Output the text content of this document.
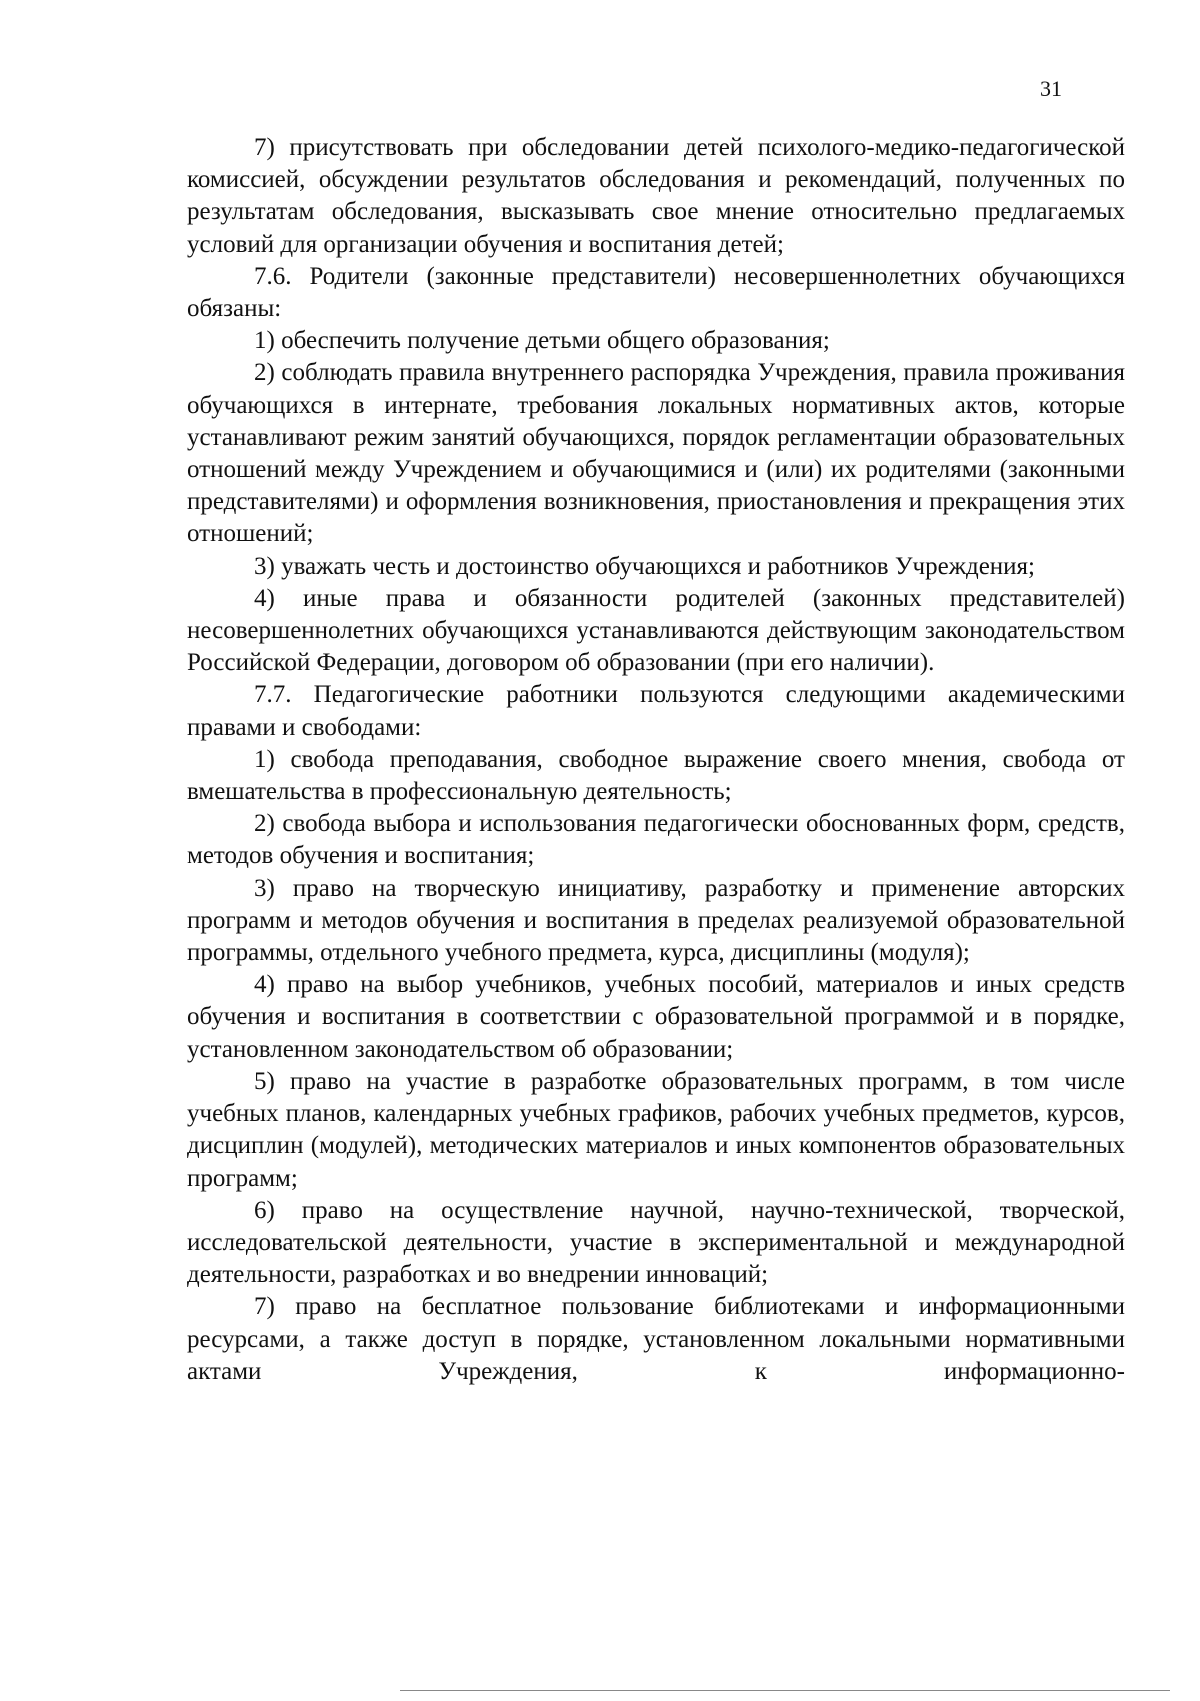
31

7) присутствовать при обследовании детей психолого-медико-педагогической комиссией, обсуждении результатов обследования и рекомендаций, полученных по результатам обследования, высказывать свое мнение относительно предлагаемых условий для организации обучения и воспитания детей;

7.6. Родители (законные представители) несовершеннолетних обучающихся обязаны:

1) обеспечить получение детьми общего образования;

2) соблюдать правила внутреннего распорядка Учреждения, правила проживания обучающихся в интернате, требования локальных нормативных актов, которые устанавливают режим занятий обучающихся, порядок регламентации образовательных отношений между Учреждением и обучающимися и (или) их родителями (законными представителями) и оформления возникновения, приостановления и прекращения этих отношений;

3) уважать честь и достоинство обучающихся и работников Учреждения;

4) иные права и обязанности родителей (законных представителей) несовершеннолетних обучающихся устанавливаются действующим законодательством Российской Федерации, договором об образовании (при его наличии).

7.7. Педагогические работники пользуются следующими академическими правами и свободами:

1) свобода преподавания, свободное выражение своего мнения, свобода от вмешательства в профессиональную деятельность;

2) свобода выбора и использования педагогически обоснованных форм, средств, методов обучения и воспитания;

3) право на творческую инициативу, разработку и применение авторских программ и методов обучения и воспитания в пределах реализуемой образовательной программы, отдельного учебного предмета, курса, дисциплины (модуля);

4) право на выбор учебников, учебных пособий, материалов и иных средств обучения и воспитания в соответствии с образовательной программой и в порядке, установленном законодательством об образовании;

5) право на участие в разработке образовательных программ, в том числе учебных планов, календарных учебных графиков, рабочих учебных предметов, курсов, дисциплин (модулей), методических материалов и иных компонентов образовательных программ;

6) право на осуществление научной, научно-технической, творческой, исследовательской деятельности, участие в экспериментальной и международной деятельности, разработках и во внедрении инноваций;

7) право на бесплатное пользование библиотеками и информационными ресурсами, а также доступ в порядке, установленном локальными нормативными актами Учреждения, к информационно-
